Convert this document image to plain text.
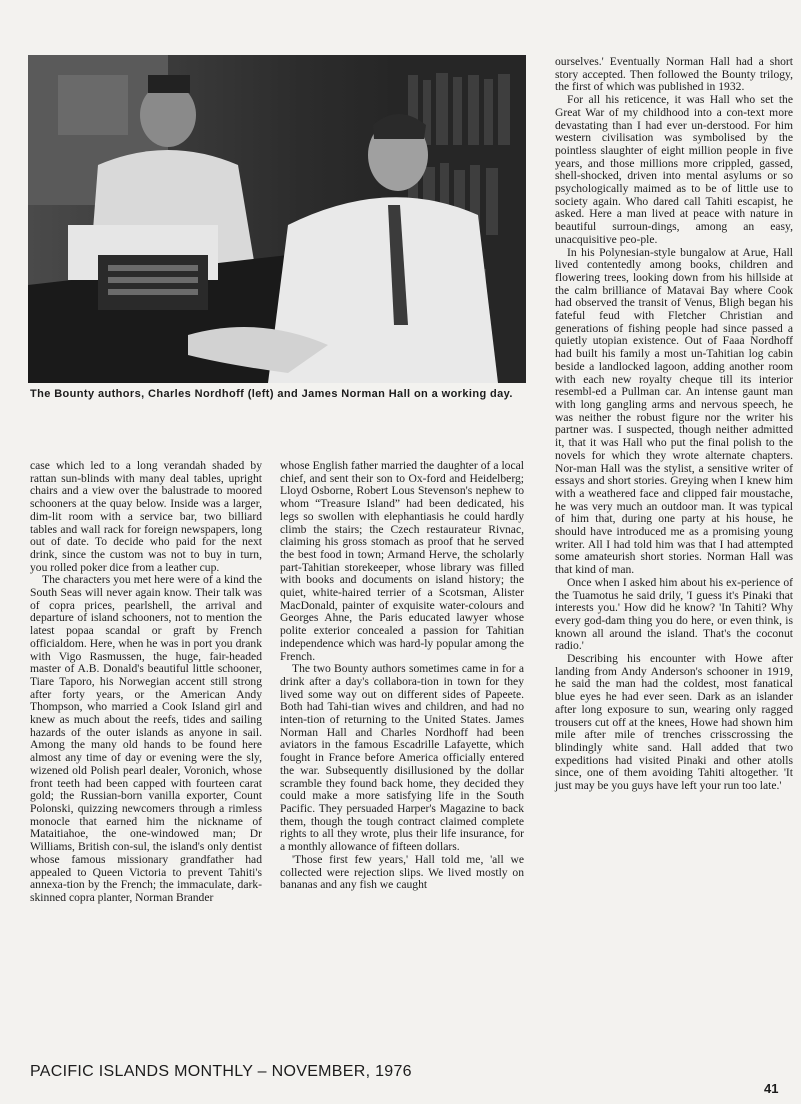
The Bounty authors, Charles Nordhoff (left) and James Norman Hall on a working day.

case which led to a long verandah shaded by rattan sun-blinds with many deal tables, upright chairs and a view over the balustrade to moored schooners at the quay below. Inside was a larger, dim-lit room with a service bar, two billiard tables and wall rack for foreign newspapers, long out of date. To decide who paid for the next drink, since the custom was not to buy in turn, you rolled poker dice from a leather cup.

The characters you met here were of a kind the South Seas will never again know. Their talk was of copra prices, pearlshell, the arrival and departure of island schooners, not to mention the latest popaa scandal or graft by French officialdom. Here, when he was in port you drank with Vigo Rasmussen, the huge, fair-headed master of A.B. Donald's beautiful little schooner, Tiare Taporo, his Norwegian accent still strong after forty years, or the American Andy Thompson, who married a Cook Island girl and knew as much about the reefs, tides and sailing hazards of the outer islands as anyone in sail. Among the many old hands to be found here almost any time of day or evening were the sly, wizened old Polish pearl dealer, Voronich, whose front teeth had been capped with fourteen carat gold; the Russian-born vanilla exporter, Count Polonski, quizzing newcomers through a rimless monocle that earned him the nickname of Mataitiahoe, the one-windowed man; Dr Williams, British con-sul, the island's only dentist whose famous missionary grandfather had appealed to Queen Victoria to prevent Tahiti's annexa-tion by the French; the immaculate, dark-skinned copra planter, Norman Brander

whose English father married the daughter of a local chief, and sent their son to Ox-ford and Heidelberg; Lloyd Osborne, Robert Lous Stevenson's nephew to whom “Treasure Island” had been dedicated, his legs so swollen with elephantiasis he could hardly climb the stairs; the Czech restaurateur Rivnac, claiming his gross stomach as proof that he served the best food in town; Armand Herve, the scholarly part-Tahitian storekeeper, whose library was filled with books and documents on island history; the quiet, white-haired terrier of a Scotsman, Alister MacDonald, painter of exquisite water-colours and Georges Ahne, the Paris educated lawyer whose polite exterior concealed a passion for Tahitian independence which was hard-ly popular among the French.

The two Bounty authors sometimes came in for a drink after a day's collabora-tion in town for they lived some way out on different sides of Papeete. Both had Tahi-tian wives and children, and had no inten-tion of returning to the United States. James Norman Hall and Charles Nordhoff had been aviators in the famous Escadrille Lafayette, which fought in France before America officially entered the war. Subsequently disillusioned by the dollar scramble they found back home, they decided they could make a more satisfying life in the South Pacific. They persuaded Harper's Magazine to back them, though the tough contract claimed complete rights to all they wrote, plus their life insurance, for a monthly allowance of fifteen dollars.

'Those first few years,' Hall told me, 'all we collected were rejection slips. We lived mostly on bananas and any fish we caught

ourselves.' Eventually Norman Hall had a short story accepted. Then followed the Bounty trilogy, the first of which was published in 1932.

For all his reticence, it was Hall who set the Great War of my childhood into a con-text more devastating than I had ever un-derstood. For him western civilisation was symbolised by the pointless slaughter of eight million people in five years, and those millions more crippled, gassed, shell-shocked, driven into mental asylums or so psychologically maimed as to be of little use to society again. Who dared call Tahiti escapist, he asked. Here a man lived at peace with nature in beautiful surroun-dings, among an easy, unacquisitive peo-ple.

In his Polynesian-style bungalow at Arue, Hall lived contentedly among books, children and flowering trees, looking down from his hillside at the calm brilliance of Matavai Bay where Cook had observed the transit of Venus, Bligh began his fateful feud with Fletcher Christian and generations of fishing people had since passed a quietly utopian existence. Out of Faaa Nordhoff had built his family a most un-Tahitian log cabin beside a landlocked lagoon, adding another room with each new royalty cheque till its interior resembl-ed a Pullman car. An intense gaunt man with long gangling arms and nervous speech, he was neither the robust figure nor the writer his partner was. I suspected, though neither admitted it, that it was Hall who put the final polish to the novels for which they wrote alternate chapters. Nor-man Hall was the stylist, a sensitive writer of essays and short stories. Greying when I knew him with a weathered face and clipped fair moustache, he was very much an outdoor man. It was typical of him that, during one party at his house, he should have introduced me as a promising young writer. All I had told him was that I had attempted some amateurish short stories. Norman Hall was that kind of man.

Once when I asked him about his ex-perience of the Tuamotus he said drily, 'I guess it's Pinaki that interests you.' How did he know? 'In Tahiti? Why every god-dam thing you do here, or even think, is known all around the island. That's the coconut radio.'

Describing his encounter with Howe after landing from Andy Anderson's schooner in 1919, he said the man had the coldest, most fanatical blue eyes he had ever seen. Dark as an islander after long exposure to sun, wearing only ragged trousers cut off at the knees, Howe had shown him mile after mile of trenches crisscrossing the blindingly white sand. Hall added that two expeditions had visited Pinaki and other atolls since, one of them avoiding Tahiti altogether. 'It just may be you guys have left your run too late.'

PACIFIC ISLANDS MONTHLY – NOVEMBER, 1976
41
